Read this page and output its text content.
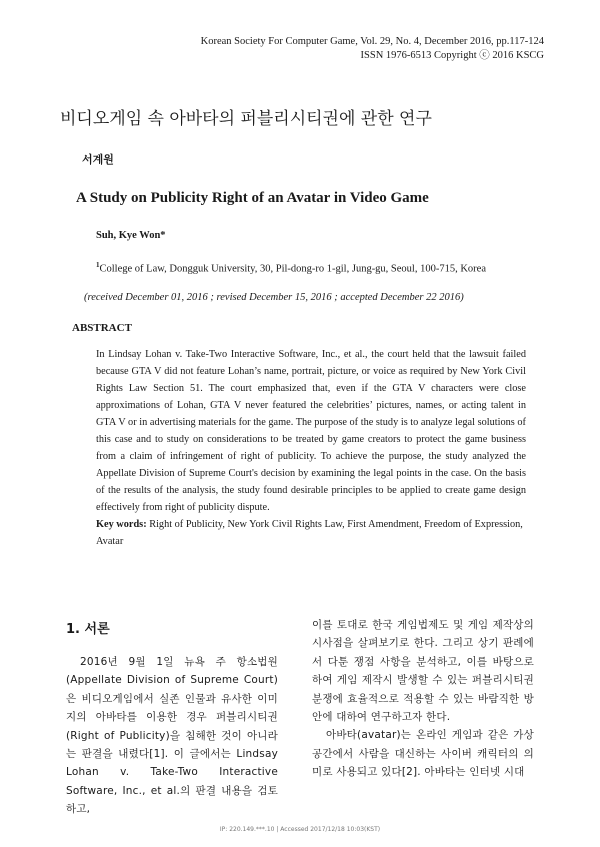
Korean Society For Computer Game, Vol. 29, No. 4, December 2016, pp.117-124
ISSN 1976-6513 Copyright ⓒ 2016 KSCG
비디오게임 속 아바타의 퍼블리시티권에 관한 연구
서계원
A Study on Publicity Right of an Avatar in Video Game
Suh, Kye Won*
$^1$College of Law, Dongguk University, 30, Pil-dong-ro 1-gil, Jung-gu, Seoul, 100-715, Korea
(received December 01, 2016 ; revised December 15, 2016 ; accepted December 22 2016)
ABSTRACT
In Lindsay Lohan v. Take-Two Interactive Software, Inc., et al., the court held that the lawsuit failed because GTA V did not feature Lohan’s name, portrait, picture, or voice as required by New York Civil Rights Law Section 51. The court emphasized that, even if the GTA V characters were close approximations of Lohan, GTA V never featured the celebrities’ pictures, names, or acting talent in GTA V or in advertising materials for the game. The purpose of the study is to analyze legal solutions of this case and to study on considerations to be treated by game creators to protect the game business from a claim of infringement of right of publicity. To achieve the purpose, the study analyzed the Appellate Division of Supreme Court's decision by examining the legal points in the case. On the basis of the results of the analysis, the study found desirable principles to be applied to create game design effectively from right of publicity dispute.
Key words: Right of Publicity, New York Civil Rights Law, First Amendment, Freedom of Expression, Avatar
1. 서론
2016년 9월 1일 뉴욕 주 항소법원(Appellate Division of Supreme Court)은 비디오게임에서 실존 인물과 유사한 이미지의 아바타를 이용한 경우 퍼블리시티권(Right of Publicity)을 침해한 것이 아니라는 판결을 내렸다[1]. 이 글에서는 Lindsay Lohan v. Take-Two Interactive Software, Inc., et al.의 판결 내용을 검토하고,

이를 토대로 한국 게임법제도 및 게임 제작상의 시사점을 살펴보기로 한다. 그리고 상기 판례에서 다툰 쟁점 사항을 분석하고, 이를 바탕으로 하여 게임 제작시 발생할 수 있는 퍼블리시티권 분쟁에 효율적으로 적용할 수 있는 바람직한 방안에 대하여 연구하고자 한다.

아바타(avatar)는 온라인 게임과 같은 가상공간에서 사람을 대신하는 사이버 캐릭터의 의미로 사용되고 있다[2]. 아바타는 인터넷 시대

IP: 220.149.***.10 | Accessed 2017/12/18 10:03(KST)
